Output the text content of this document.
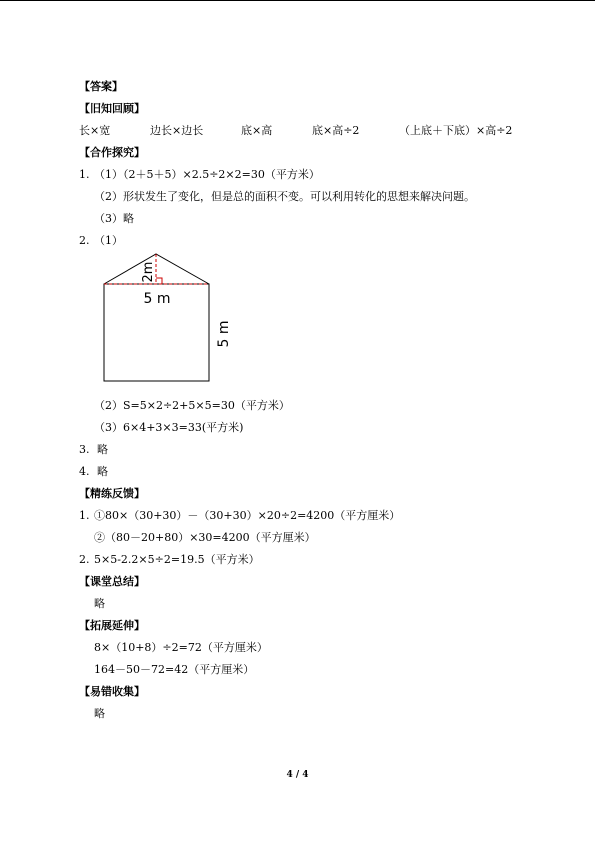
【答案】
【旧知回顾】
长×宽	边长×边长	底×高	底×高÷2	（上底＋下底）×高÷2
【合作探究】
1. （1）（2＋5＋5）×2.5÷2×2=30（平方米）
（2）形状发生了变化，但是总的面积不变。可以利用转化的思想来解决问题。
（3）略
2. （1）
2m
5 m
5 m
（2）S=5×2÷2+5×5=30（平方米）
（3）6×4+3×3=33(平方米)
3. 略
4. 略
【精练反馈】
1. ①80×（30+30）－（30+30）×20÷2=4200（平方厘米）
②（80－20+80）×30=4200（平方厘米）
2. 5×5-2.2×5÷2=19.5（平方米）
【课堂总结】
略
【拓展延伸】
8×（10+8）÷2=72（平方厘米）
164－50－72=42（平方厘米）
【易错收集】
略
4 / 4
